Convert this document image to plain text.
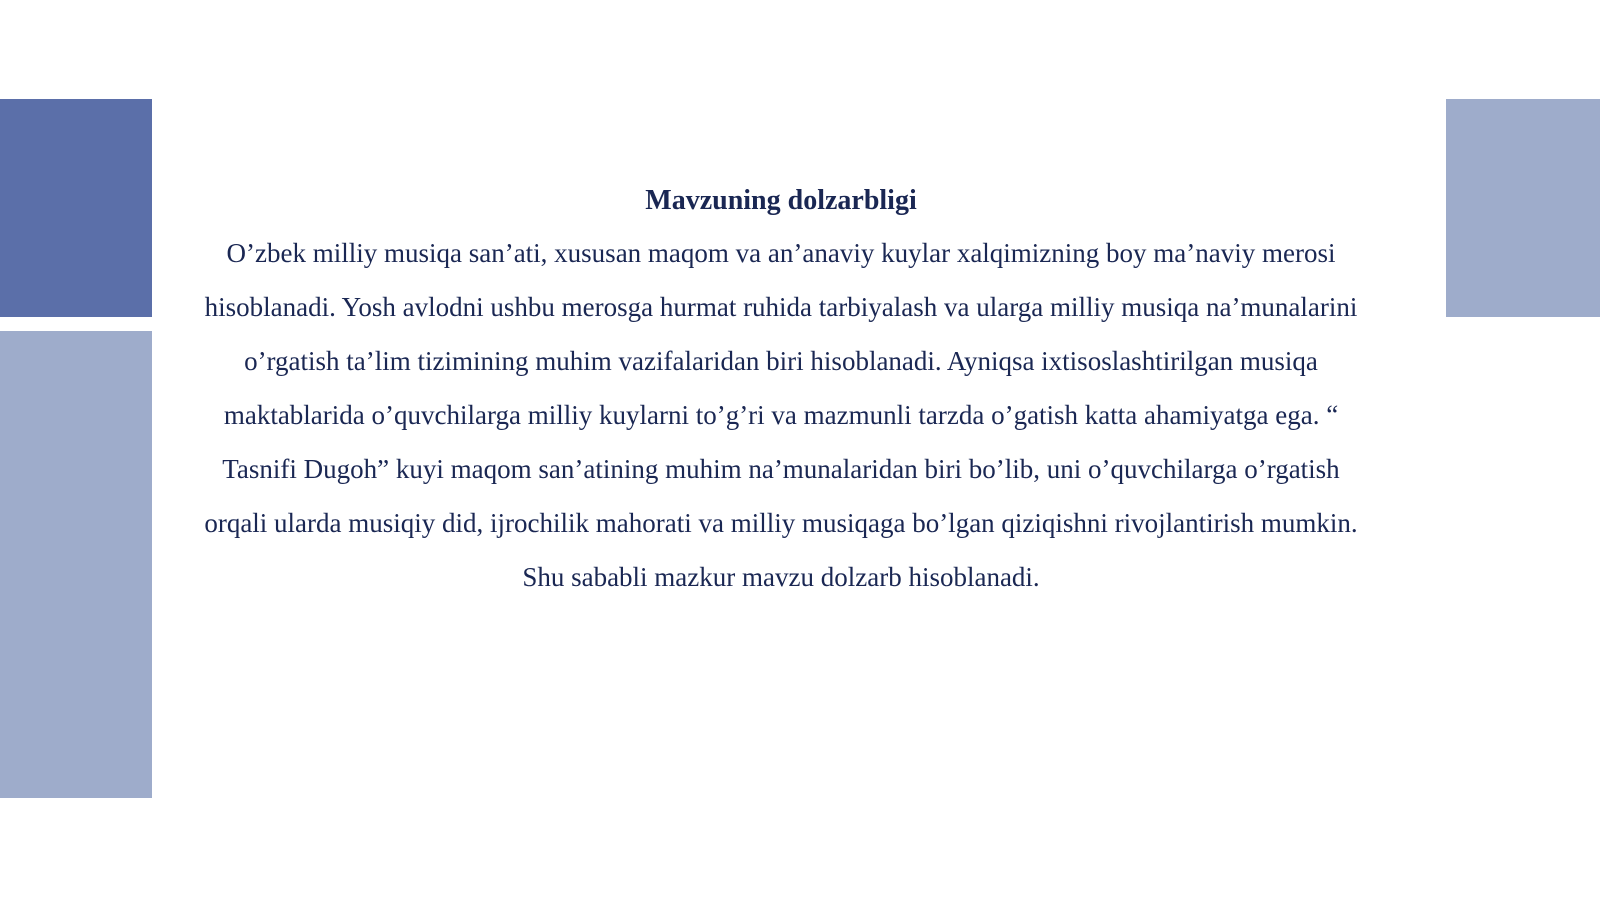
Mavzuning dolzarbligi

O’zbek milliy musiqa san’ati, xususan maqom va an’anaviy kuylar xalqimizning boy ma’naviy merosi hisoblanadi. Yosh avlodni ushbu merosga hurmat ruhida tarbiyalash va ularga milliy musiqa na’munalarini o’rgatish ta’lim tizimining muhim vazifalaridan biri hisoblanadi. Ayniqsa ixtisoslashtirilgan musiqa maktablarida o’quvchilarga milliy kuylarni to’g’ri va mazmunli tarzda o’gatish katta ahamiyatga ega. “ Tasnifi Dugoh” kuyi maqom san’atining muhim na’munalaridan biri bo’lib, uni o’quvchilarga o’rgatish orqali ularda musiqiy did, ijrochilik mahorati va milliy musiqaga bo’lgan qiziqishni rivojlantirish mumkin. Shu sababli mazkur mavzu dolzarb hisoblanadi.
